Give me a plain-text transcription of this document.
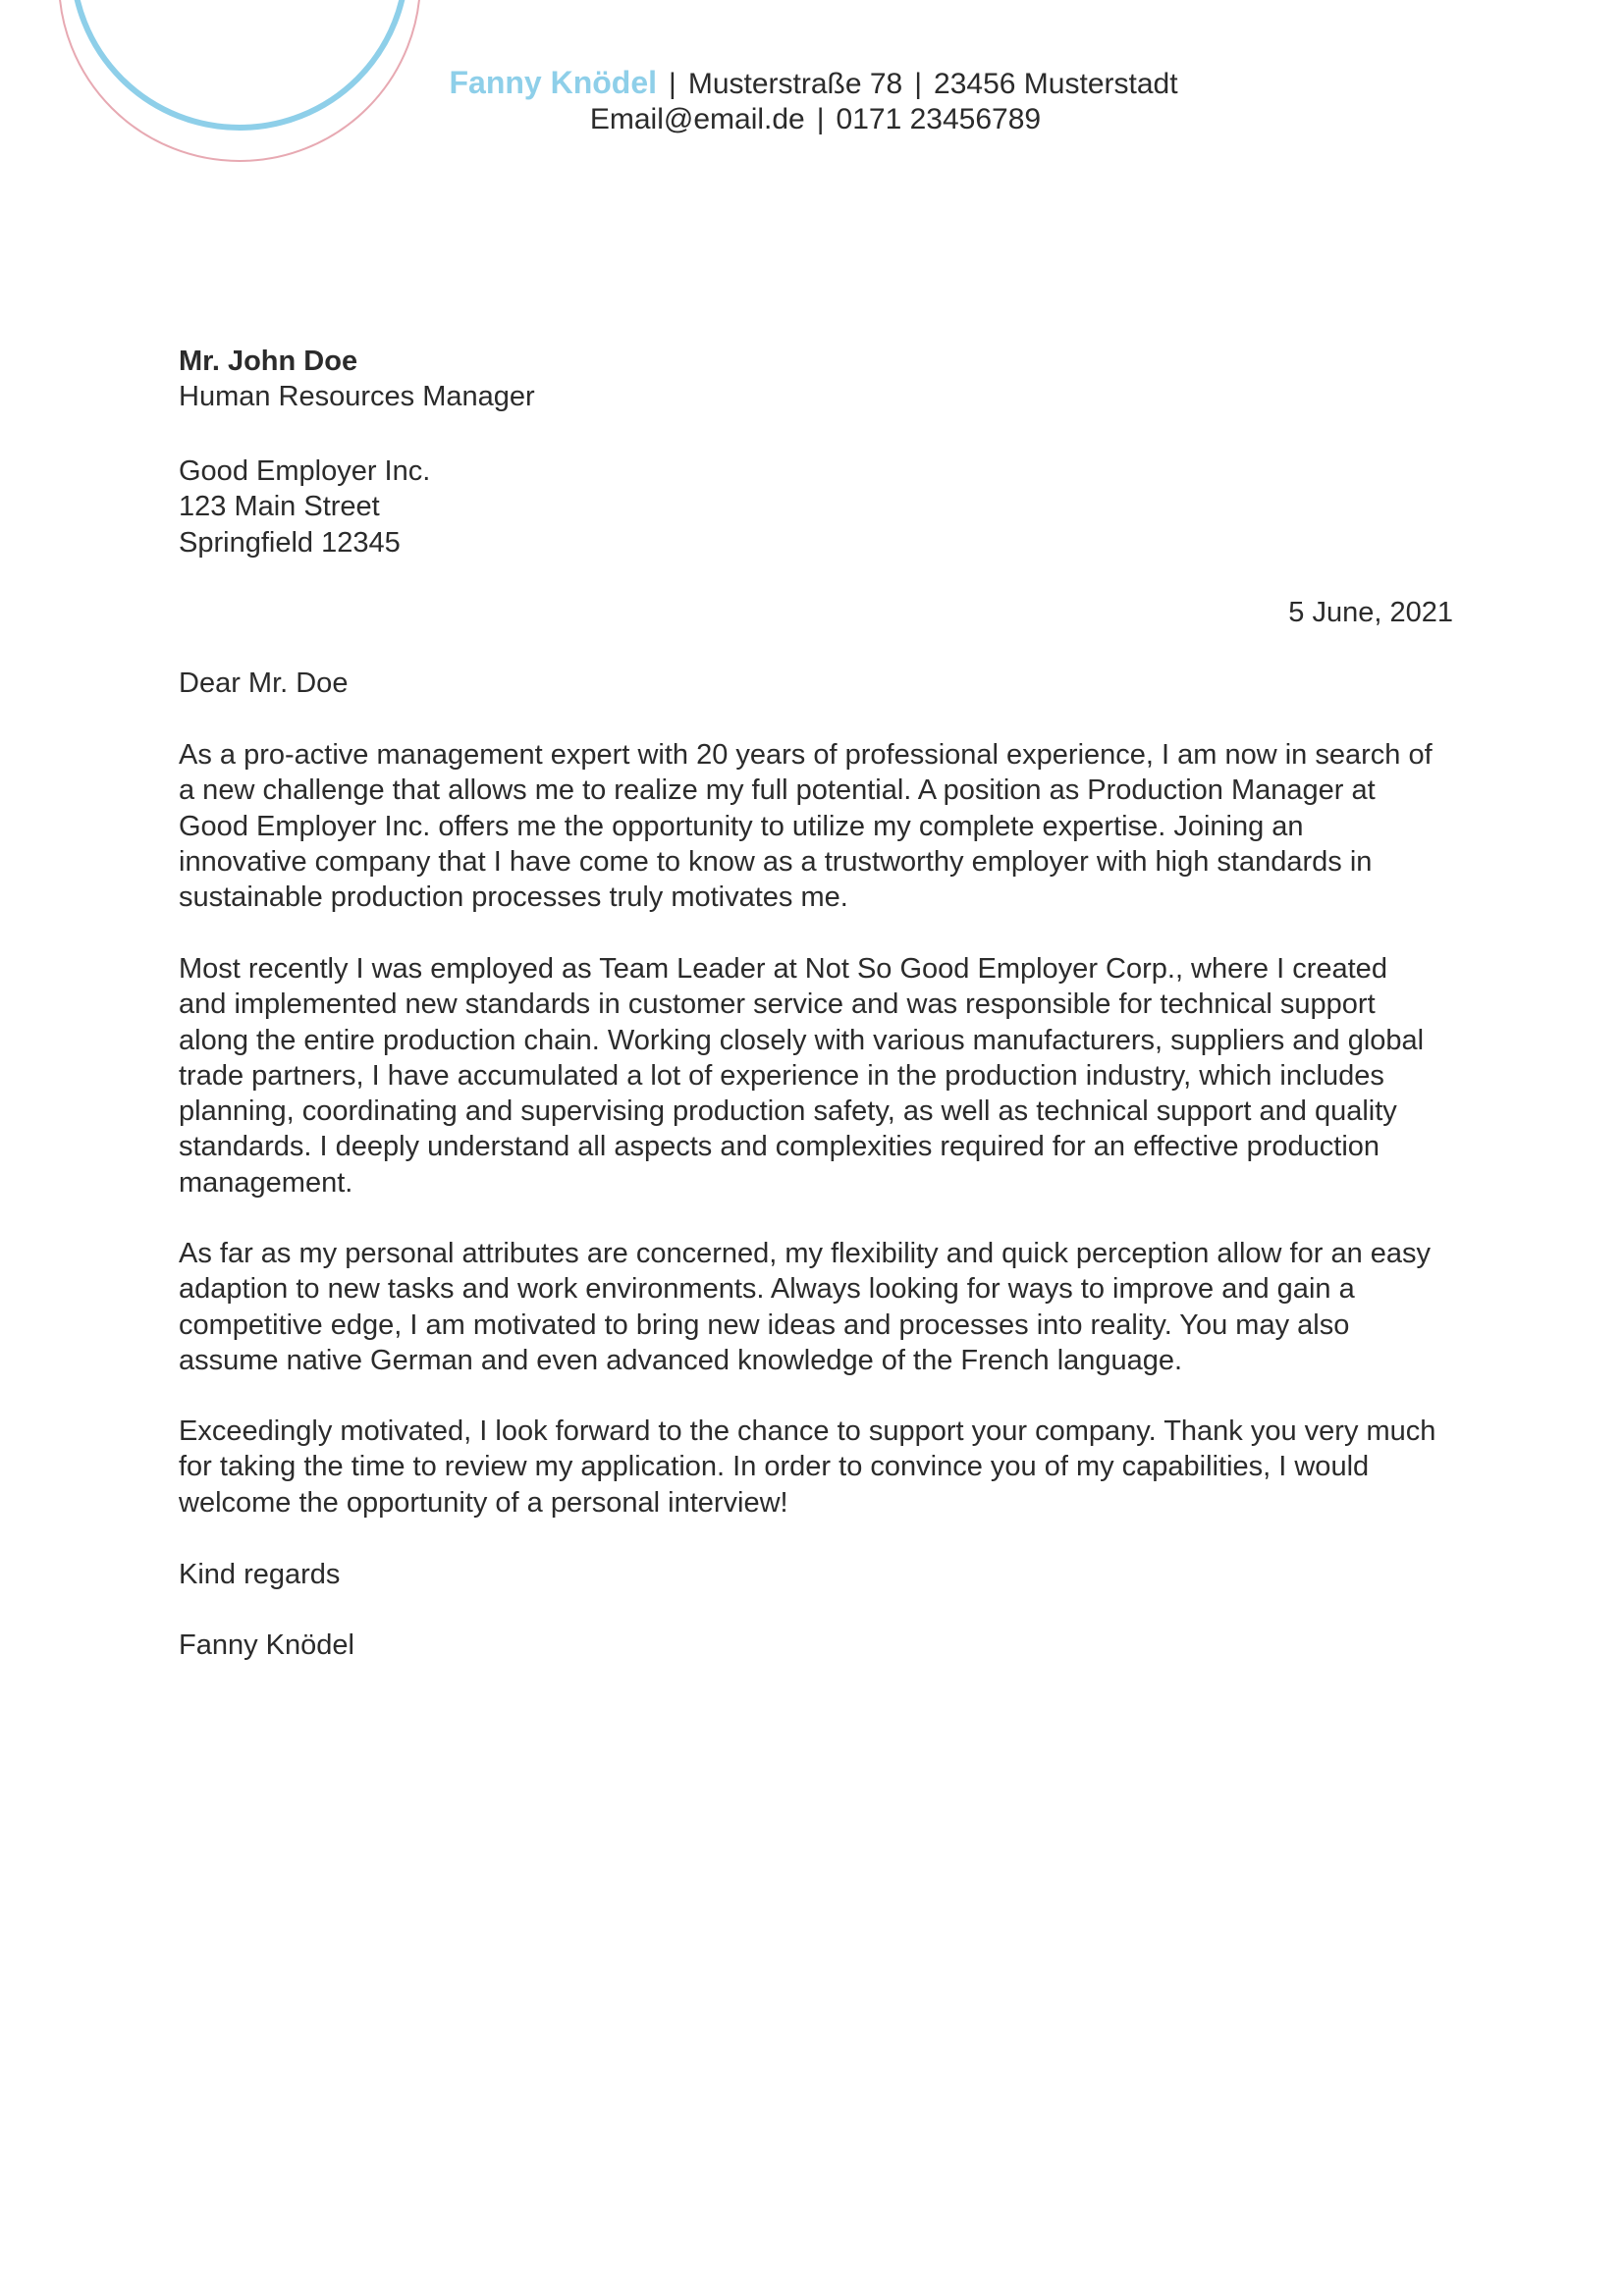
Fanny Knödel | Musterstraße 78 | 23456 Musterstadt
Email@email.de | 0171 23456789
Mr. John Doe
Human Resources Manager
Good Employer Inc.
123 Main Street
Springfield 12345
5 June, 2021
Dear Mr. Doe
As a pro-active management expert with 20 years of professional experience, I am now in search of
a new challenge that allows me to realize my full potential. A position as Production Manager at
Good Employer Inc. offers me the opportunity to utilize my complete expertise. Joining an
innovative company that I have come to know as a trustworthy employer with high standards in
sustainable production processes truly motivates me.
Most recently I was employed as Team Leader at Not So Good Employer Corp., where I created
and implemented new standards in customer service and was responsible for technical support
along the entire production chain. Working closely with various manufacturers, suppliers and global
trade partners, I have accumulated a lot of experience in the production industry, which includes
planning, coordinating and supervising production safety, as well as technical support and quality
standards. I deeply understand all aspects and complexities required for an effective production
management.
As far as my personal attributes are concerned, my flexibility and quick perception allow for an easy
adaption to new tasks and work environments. Always looking for ways to improve and gain a
competitive edge, I am motivated to bring new ideas and processes into reality. You may also
assume native German and even advanced knowledge of the French language.
Exceedingly motivated, I look forward to the chance to support your company. Thank you very much
for taking the time to review my application. In order to convince you of my capabilities, I would
welcome the opportunity of a personal interview!
Kind regards
Fanny Knödel
